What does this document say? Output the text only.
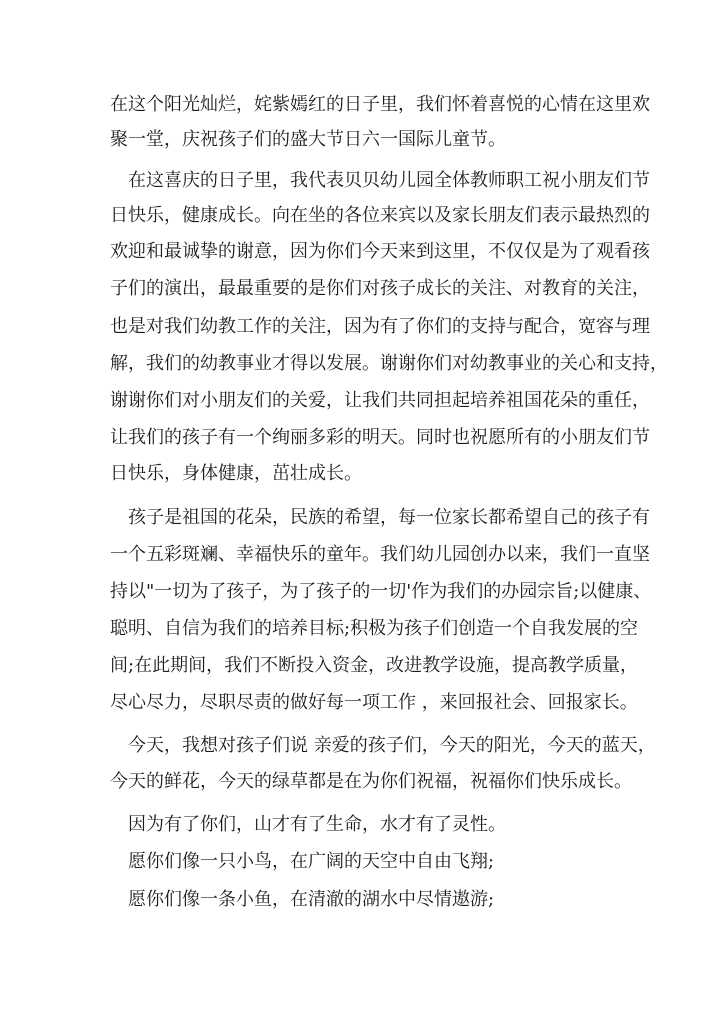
在这个阳光灿烂，姹紫嫣红的日子里，我们怀着喜悦的心情在这里欢
聚一堂，庆祝孩子们的盛大节日六一国际儿童节。
在这喜庆的日子里，我代表贝贝幼儿园全体教师职工祝小朋友们节
日快乐，健康成长。向在坐的各位来宾以及家长朋友们表示最热烈的
欢迎和最诚挚的谢意，因为你们今天来到这里，不仅仅是为了观看孩
子们的演出，最最重要的是你们对孩子成长的关注、对教育的关注，
也是对我们幼教工作的关注，因为有了你们的支持与配合，宽容与理
解，我们的幼教事业才得以发展。谢谢你们对幼教事业的关心和支持，
谢谢你们对小朋友们的关爱，让我们共同担起培养祖国花朵的重任，
让我们的孩子有一个绚丽多彩的明天。同时也祝愿所有的小朋友们节
日快乐，身体健康，茁壮成长。
孩子是祖国的花朵，民族的希望，每一位家长都希望自己的孩子有
一个五彩斑斓、幸福快乐的童年。我们幼儿园创办以来，我们一直坚
持以"一切为了孩子，为了孩子的一切'作为我们的办园宗旨;以健康、
聪明、自信为我们的培养目标;积极为孩子们创造一个自我发展的空
间;在此期间，我们不断投入资金，改进教学设施，提高教学质量，
尽心尽力，尽职尽责的做好每一项工作 ，来回报社会、回报家长。
今天，我想对孩子们说 亲爱的孩子们，今天的阳光，今天的蓝天，
今天的鲜花，今天的绿草都是在为你们祝福，祝福你们快乐成长。
因为有了你们，山才有了生命，水才有了灵性。
愿你们像一只小鸟，在广阔的天空中自由飞翔;
愿你们像一条小鱼，在清澈的湖水中尽情遨游;
